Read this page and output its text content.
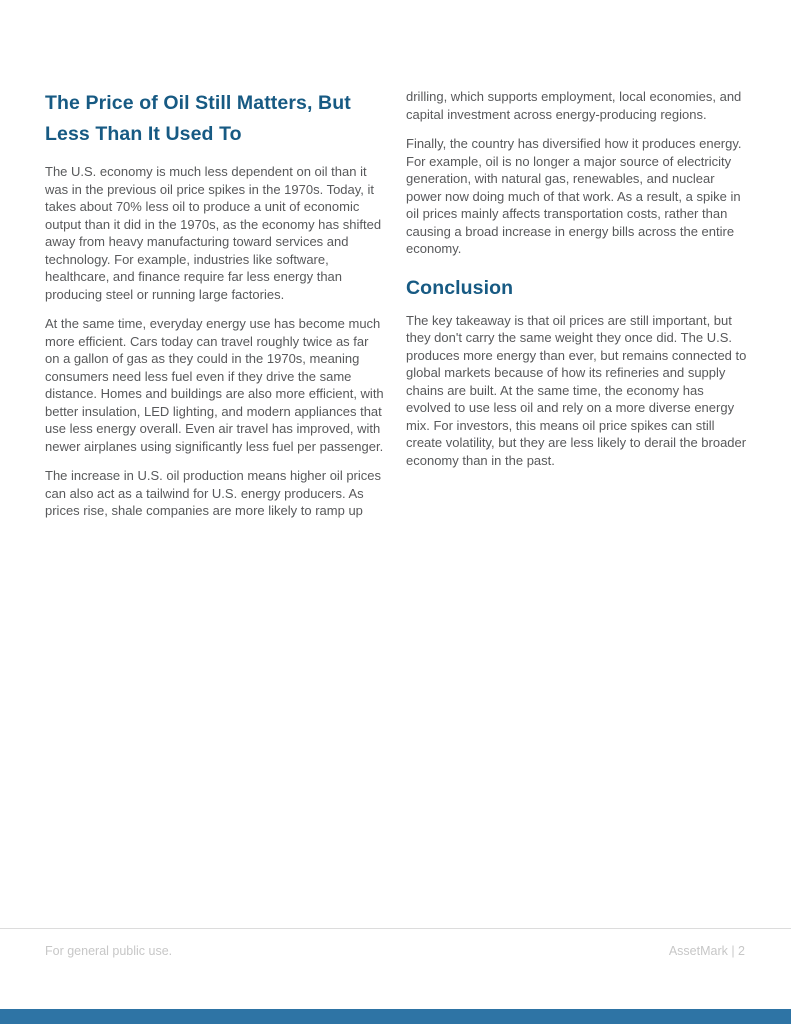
The Price of Oil Still Matters, But Less Than It Used To

The U.S. economy is much less dependent on oil than it was in the previous oil price spikes in the 1970s. Today, it takes about 70% less oil to produce a unit of economic output than it did in the 1970s, as the economy has shifted away from heavy manufacturing toward services and technology. For example, industries like software, healthcare, and finance require far less energy than producing steel or running large factories.

At the same time, everyday energy use has become much more efficient. Cars today can travel roughly twice as far on a gallon of gas as they could in the 1970s, meaning consumers need less fuel even if they drive the same distance. Homes and buildings are also more efficient, with better insulation, LED lighting, and modern appliances that use less energy overall. Even air travel has improved, with newer airplanes using significantly less fuel per passenger.

The increase in U.S. oil production means higher oil prices can also act as a tailwind for U.S. energy producers. As prices rise, shale companies are more likely to ramp up

drilling, which supports employment, local economies, and capital investment across energy-producing regions.

Finally, the country has diversified how it produces energy. For example, oil is no longer a major source of electricity generation, with natural gas, renewables, and nuclear power now doing much of that work. As a result, a spike in oil prices mainly affects transportation costs, rather than causing a broad increase in energy bills across the entire economy.

Conclusion

The key takeaway is that oil prices are still important, but they don't carry the same weight they once did. The U.S. produces more energy than ever, but remains connected to global markets because of how its refineries and supply chains are built. At the same time, the economy has evolved to use less oil and rely on a more diverse energy mix. For investors, this means oil price spikes can still create volatility, but they are less likely to derail the broader economy than in the past.

For general public use.	AssetMark | 2
